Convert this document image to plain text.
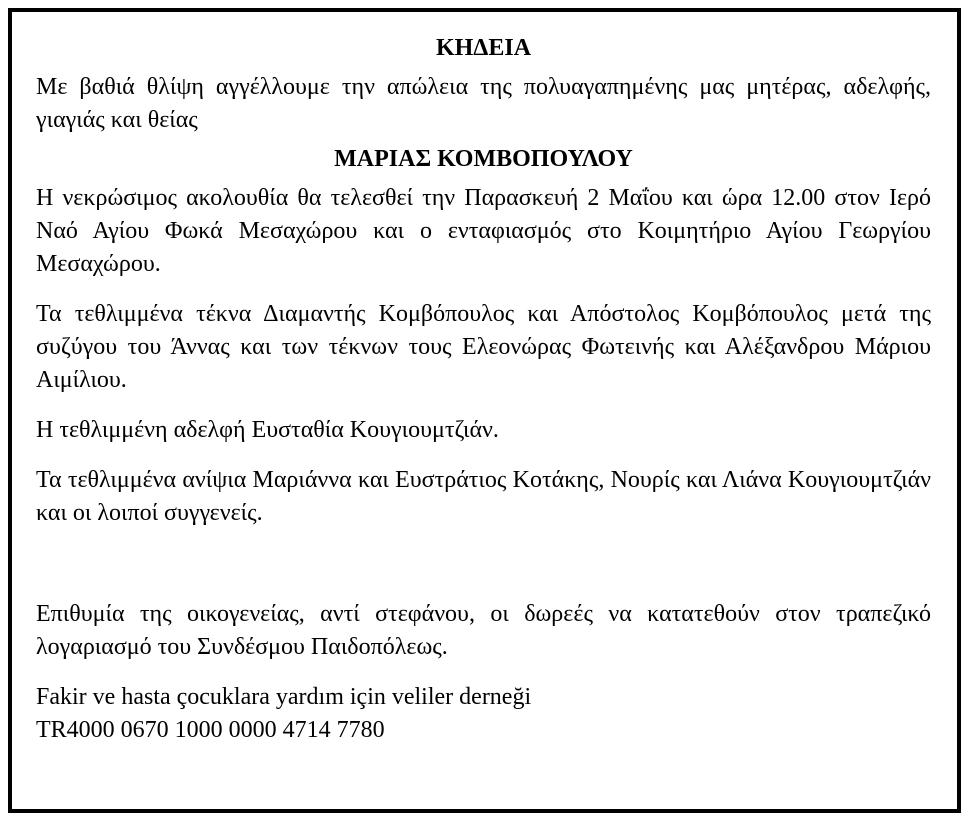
ΚΗΔΕΙΑ

Με βαθιά θλίψη αγγέλλουμε την απώλεια της πολυαγαπημένης μας μητέρας, αδελφής, γιαγιάς και θείας

ΜΑΡΙΑΣ ΚΟΜΒΟΠΟΥΛΟΥ

Η νεκρώσιμος ακολουθία θα τελεσθεί την Παρασκευή 2 Μαΐου και ώρα 12.00 στον Ιερό Ναό Αγίου Φωκά Μεσαχώρου και ο ενταφιασμός στο Κοιμητήριο Αγίου Γεωργίου Μεσαχώρου.

Τα τεθλιμμένα τέκνα Διαμαντής Κομβόπουλος και Απόστολος Κομβόπουλος μετά της συζύγου του Άννας και των τέκνων τους Ελεονώρας Φωτεινής και Αλέξανδρου Μάριου Αιμίλιου.

Η τεθλιμμένη αδελφή Ευσταθία Κουγιουμτζιάν.

Τα τεθλιμμένα ανίψια Μαριάννα και Ευστράτιος Κοτάκης, Νουρίς και Λιάνα Κουγιουμτζιάν και οι λοιποί συγγενείς.

Επιθυμία της οικογενείας, αντί στεφάνου, οι δωρεές να κατατεθούν στον τραπεζικό λογαριασμό του Συνδέσμου Παιδοπόλεως.

Fakir ve hasta çocuklara yardım için veliler derneği

TR4000 0670 1000 0000 4714 7780
